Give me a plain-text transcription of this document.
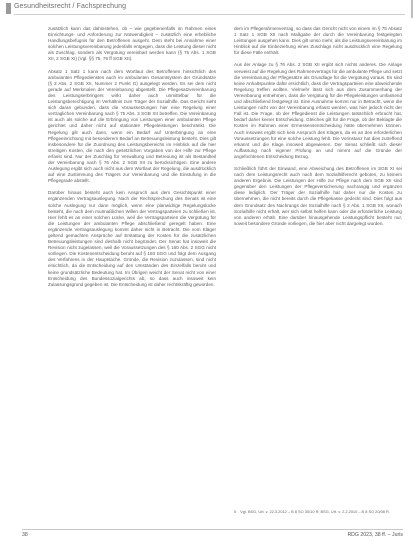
Gesundheitsrecht / Fachsprechung

zusätzlich kann das dahinstehen, ob – wie gegebenenfalls im Rahmen eines Einrichtungs- und Anforderung zur Notwendigkeit – zusätzlich eine erhebliche Handlungsbefugnis für den Betroffenen ausgeht. Dem steht bei Annahme einer solchen Leistungsvereinbarung jedenfalls entgegen, dass die Leistung dieser nicht als Zuschlag, sondern als Vergütung vereinbart werden kann (§ 75 Abs. 1 SGB XII, 2 SGB XI) (Vgl. §§ 75, 76 ff SGB XII).

Absatz 1 Satz 1 kann nach dem Wortlaut des Betroffenen hinsichtlich des ambulanten Pflegedienstes auch im ambulanten Gesamtsystem der Grundsätze (§ 2 Abs. 2 SGB XII, Nummer 2 Punkt G) ausgelegt werden. Es sei dem nicht gerade auf Merkmalen der Vereinbarung abgestellt. Die Pflegesatzvereinbarung des Leistungserbringers wirkt daher auch unmittelbar für die Leistungsberechtigung im Verhältnis zum Träger der Sozialhilfe. Das Gericht sieht sich daran gebunden, dass die Voraussetzungen hier eine Regelung einer vertraglichen Vereinbarung nach § 75 Abs. 3 SGB XII betreffen. Die Vereinbarung ist auch als solche auf die Erbringung von Leistungen einer ambulanten Pflege gerichtet und daher nicht auf stationäre Pflegeleistungen beschränkt. Die Regelung gilt auch dann, wenn ein Bedarf auf Unterbringung an eine Pflegeeinrichtung mit besonderem Bedarf an Betreuungsleistung besteht. Dies gilt insbesondere für die Zuordnung des Leistungsbereichs im Hinblick auf die hier streitigen Kosten, die nach den gesetzlichen Vorgaben von der Hilfe zur Pflege erfasst sind. Nur der Zuschlag für Verwaltung und Betreuung ist als Bestandteil der Vereinbarung nach § 76 Abs. 2 SGB XII zu berücksichtigen. Eine andere Auslegung ergibt sich auch nicht aus dem Wortlaut der Regelung, die ausdrücklich auf eine Zustimmung des Trägers zur Vereinbarung und die Einstufung in die Pflegegrade abstellt.

Darüber hinaus besteht auch kein Anspruch aus dem Gesichtspunkt einer ergänzenden Vertragsauslegung. Nach der Rechtsprechung des Senats ist eine solche Auslegung nur dann möglich, wenn eine planwidrige Regelungslücke besteht, die nach dem mutmaßlichen Willen der Vertragsparteien zu schließen ist. Hier fehlt es an einer solchen Lücke, weil die Vertragsparteien die Vergütung für die Leistungen der ambulanten Pflege abschließend geregelt haben. Eine ergänzende Vertragsauslegung kommt daher nicht in Betracht. Die vom Kläger geltend gemachten Ansprüche auf Erstattung der Kosten für die zusätzlichen Betreuungsleistungen sind deshalb nicht begründet. Der Senat hat insoweit die Revision nicht zugelassen, weil die Voraussetzungen des § 160 Abs. 2 SGG nicht vorliegen. Die Kostenentscheidung beruht auf § 193 SGG und folgt dem Ausgang des Verfahrens in der Hauptsache. Gründe, die Revision zuzulassen, sind nicht ersichtlich, da die Entscheidung auf den Umständen des Einzelfalls beruht und keine grundsätzliche Bedeutung hat. Im Übrigen weicht der Senat nicht von einer Entscheidung des Bundessozialgerichts ab, so dass auch insoweit kein Zulassungsgrund gegeben ist. Die Entscheidung ist daher rechtskräftig geworden.

dem im Pflegerahmenvertrag, so dass das Gericht nicht von einem im § 75 Absatz 1 Satz 1 SGB XII nach Maßgabe der durch die Vereinbarung festgelegten Leistungen ausgehen kann. Dies gilt umso mehr, als die Leistungsvereinbarung im Hinblick auf die Einbeziehung eines Zuschlags nicht ausdrücklich eine Regelung für diese Fälle enthält.

Aus der Anlage zu § 76 Abs. 2 SGB XII ergibt sich nichts anderes. Die Anlage verweist auf die Regelung des Rahmenvertrags für die ambulante Pflege und setzt die Vereinbarung der Pflegesätze als Grundlage für die Vergütung voraus. Es sind keine Anhaltspunkte dafür ersichtlich, dass die Vertragsparteien eine abweichende Regelung treffen wollten. Vielmehr lässt sich aus dem Zusammenhang der Vereinbarung entnehmen, dass die Vergütung für die Pflegeleistungen umfassend und abschließend festgelegt ist. Eine Ausnahme kommt nur in Betracht, wenn die Leistungen nicht von der Vereinbarung erfasst werden, was hier jedoch nicht der Fall ist. Die Frage, ob der Pflegedienst die Leistungen tatsächlich erbracht hat, bedarf daher keiner Entscheidung. Gleiches gilt für die Frage, ob der Beklagte die Kosten im Rahmen einer Ermessensentscheidung hätte übernehmen können. Auch insoweit ergibt sich kein Anspruch des Klägers, da es an den erforderlichen Voraussetzungen für eine solche Leistung fehlt. Die Vorinstanz hat dies zutreffend erkannt und die Klage insoweit abgewiesen. Der Senat schließt sich dieser Auffassung nach eigener Prüfung an und nimmt auf die Gründe der angefochtenen Entscheidung Bezug.

Schließlich führt der Einwand, eine Abweichung des Betroffenen im SGB XI sei nach dem Leistungsrecht auch nach dem Sozialhilferecht geboten, zu keinem anderen Ergebnis. Die Leistungen der Hilfe zur Pflege nach dem SGB XII sind gegenüber den Leistungen der Pflegeversicherung nachrangig und ergänzen diese lediglich. Der Träger der Sozialhilfe hat daher nur die Kosten zu übernehmen, die nicht bereits durch die Pflegekasse gedeckt sind. Dies folgt aus dem Grundsatz des Nachrangs der Sozialhilfe nach § 2 Abs. 1 SGB XII, wonach Sozialhilfe nicht erhält, wer sich selbst helfen kann oder die erforderliche Leistung von anderen erhält. Eine darüber hinausgehende Leistungspflicht besteht nur, soweit besondere Gründe vorliegen, die hier aber nicht dargelegt wurden.

5 Vgl. BSG, Urt. v. 22.3.2012 – B 8 SO 30/10 R; BSG, Urt. v. 2.2.2010 – B 8 SO 20/08 R.
38	RDG 2023, 38 ff. – Juris
